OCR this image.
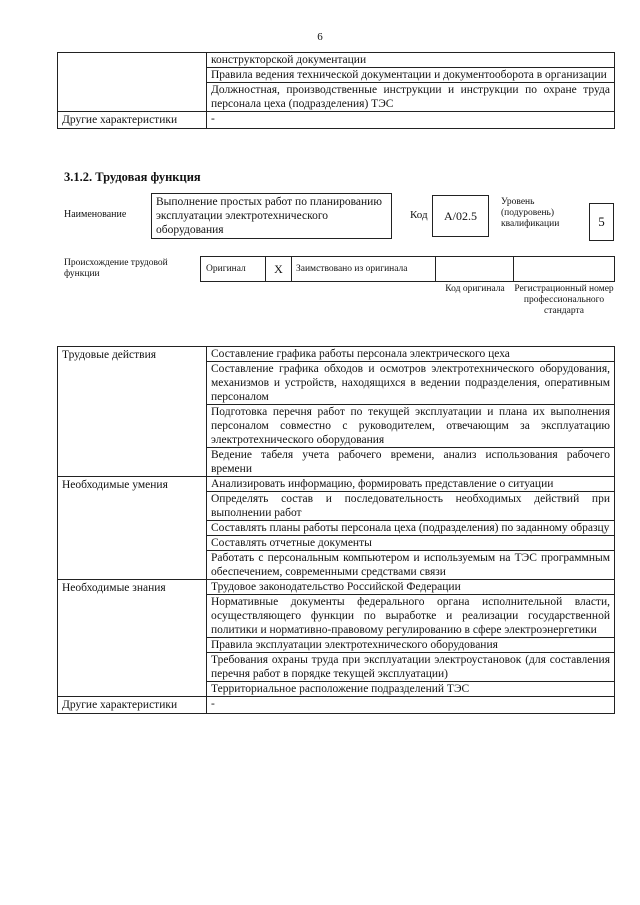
6
	конструкторской документации
	Правила ведения технической документации и документооборота в организации
	Должностная, производственные инструкции и инструкции по охране труда персонала цеха (подразделения) ТЭС
Другие характеристики	-
3.1.2. Трудовая функция
Наименование
Выполнение простых работ по планированию эксплуатации электротехнического оборудования
Код	А/02.5
Уровень (подуровень) квалификации	5
Происхождение трудовой функции	Оригинал	X	Заимствовано из оригинала
Код оригинала	Регистрационный номер профессионального стандарта
Трудовые действия	Составление графика работы персонала электрического цеха
	Составление графика обходов и осмотров электротехнического оборудования, механизмов и устройств, находящихся в ведении подразделения, оперативным персоналом
	Подготовка перечня работ по текущей эксплуатации и плана их выполнения персоналом совместно с руководителем, отвечающим за эксплуатацию электротехнического оборудования
	Ведение табеля учета рабочего времени, анализ использования рабочего времени
Необходимые умения	Анализировать информацию, формировать представление о ситуации
	Определять состав и последовательность необходимых действий при выполнении работ
	Составлять планы работы персонала цеха (подразделения) по заданному образцу
	Составлять отчетные документы
	Работать с персональным компьютером и используемым на ТЭС программным обеспечением, современными средствами связи
Необходимые знания	Трудовое законодательство Российской Федерации
	Нормативные документы федерального органа исполнительной власти, осуществляющего функции по выработке и реализации государственной политики и нормативно-правовому регулированию в сфере электроэнергетики
	Правила эксплуатации электротехнического оборудования
	Требования охраны труда при эксплуатации электроустановок (для составления перечня работ в порядке текущей эксплуатации)
	Территориальное расположение подразделений ТЭС
Другие характеристики	-
